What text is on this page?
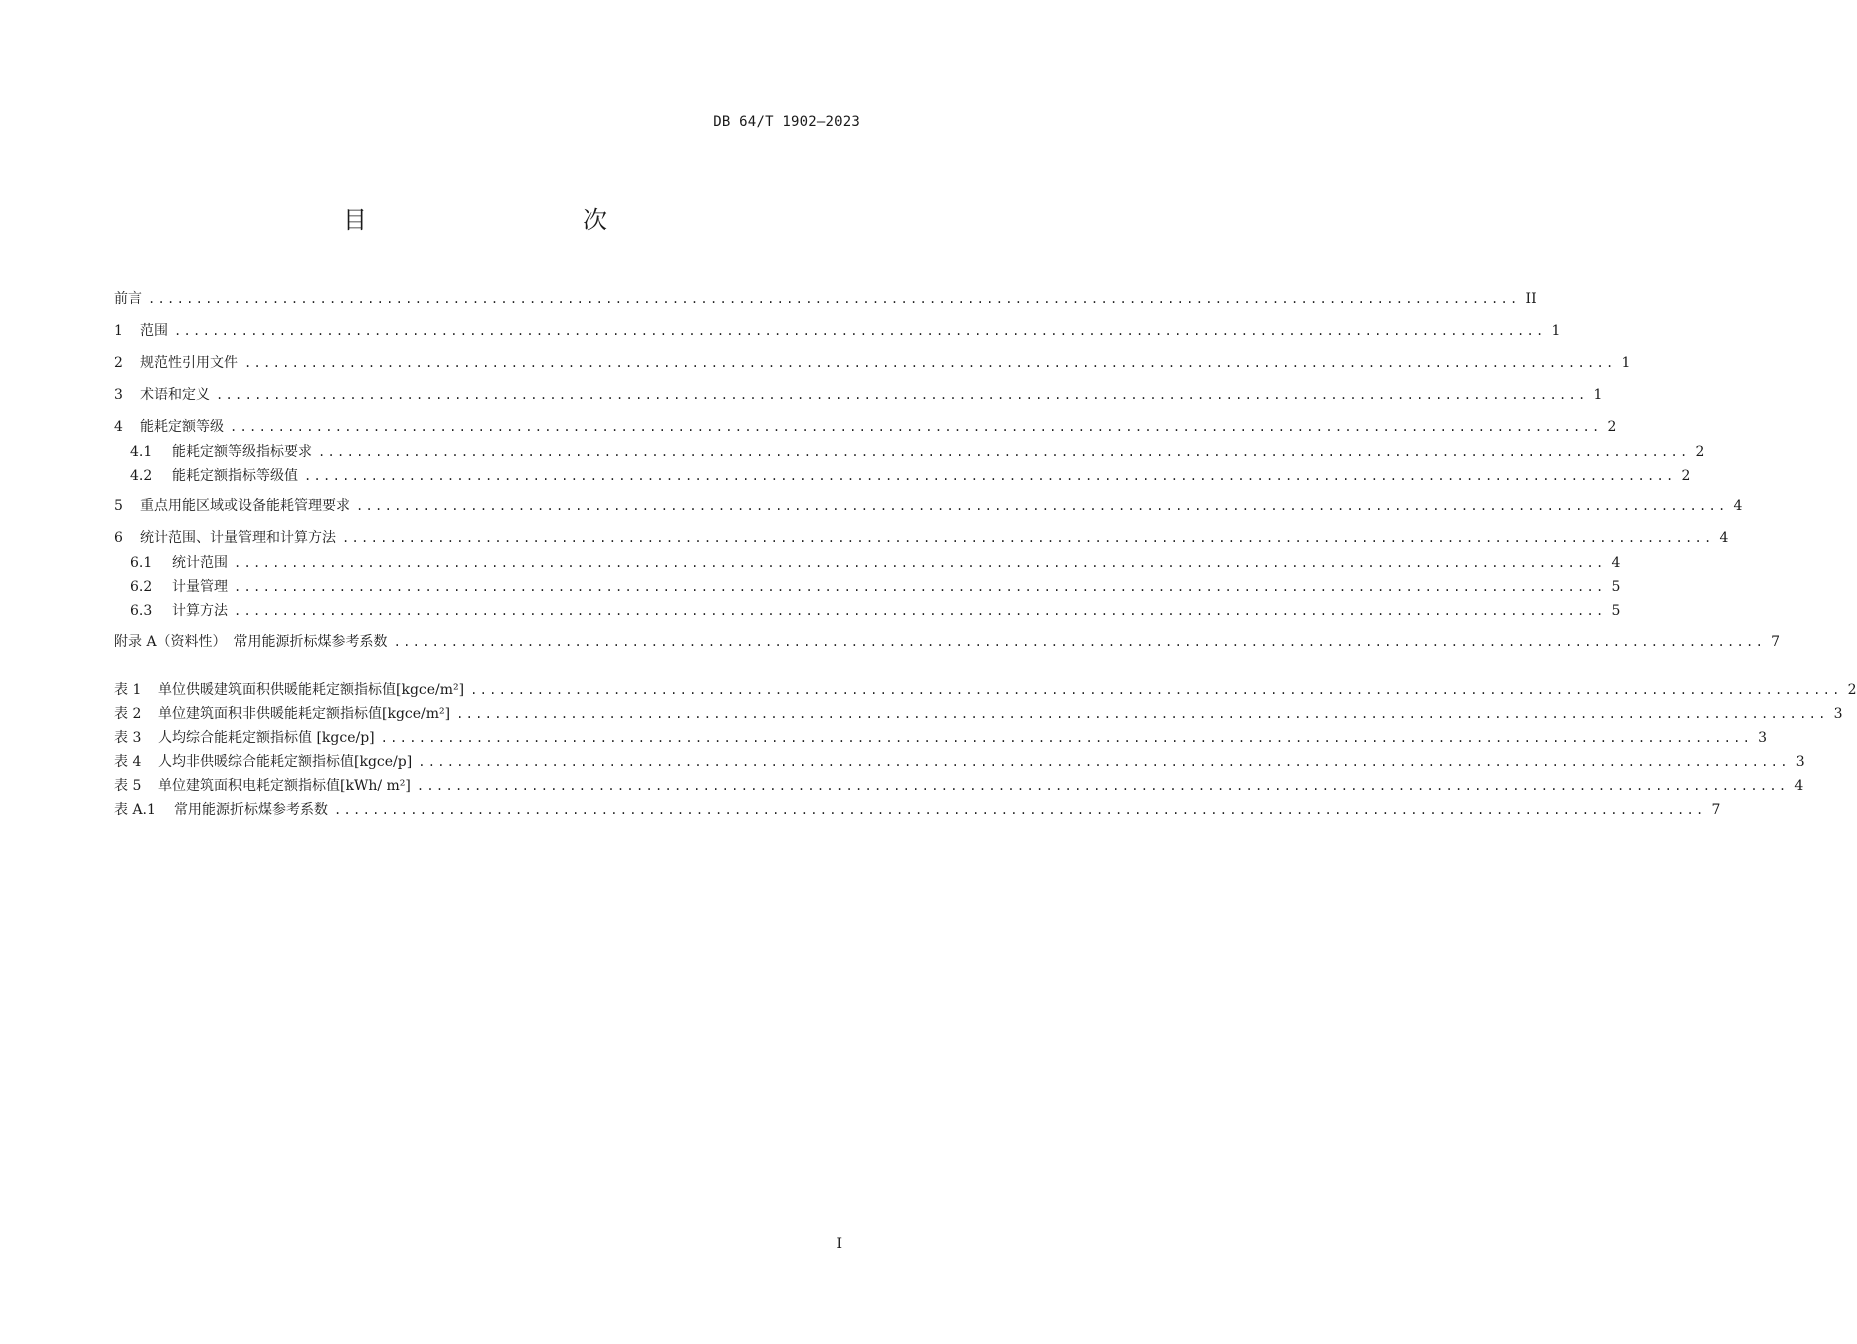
DB 64/T 1902—2023
目　　次
前言 ................................................................................................................................................ II
1	范围 ................................................................................................................................................ 1
2	规范性引用文件 ................................................................................................................................................ 1
3	术语和定义 ................................................................................................................................................ 1
4	能耗定额等级 ................................................................................................................................................ 2
4.1	能耗定额等级指标要求 ................................................................................................................................................ 2
4.2	能耗定额指标等级值 ................................................................................................................................................ 2
5	重点用能区域或设备能耗管理要求 ................................................................................................................................................ 4
6	统计范围、计量管理和计算方法 ................................................................................................................................................ 4
6.1	统计范围 ................................................................................................................................................ 4
6.2	计量管理 ................................................................................................................................................ 5
6.3	计算方法 ................................................................................................................................................ 5
附录 A（资料性）　常用能源折标煤参考系数 ................................................................................................................................................ 7
表 1	单位供暖建筑面积供暖能耗定额指标值[kgce/m²] ................................................................................................................................................ 2
表 2	单位建筑面积非供暖能耗定额指标值[kgce/m²] ................................................................................................................................................ 3
表 3	人均综合能耗定额指标值 [kgce/p] ................................................................................................................................................ 3
表 4	人均非供暖综合能耗定额指标值[kgce/p] ................................................................................................................................................ 3
表 5	单位建筑面积电耗定额指标值[kWh/ m²] ................................................................................................................................................ 4
表 A.1	常用能源折标煤参考系数 ................................................................................................................................................ 7
I
